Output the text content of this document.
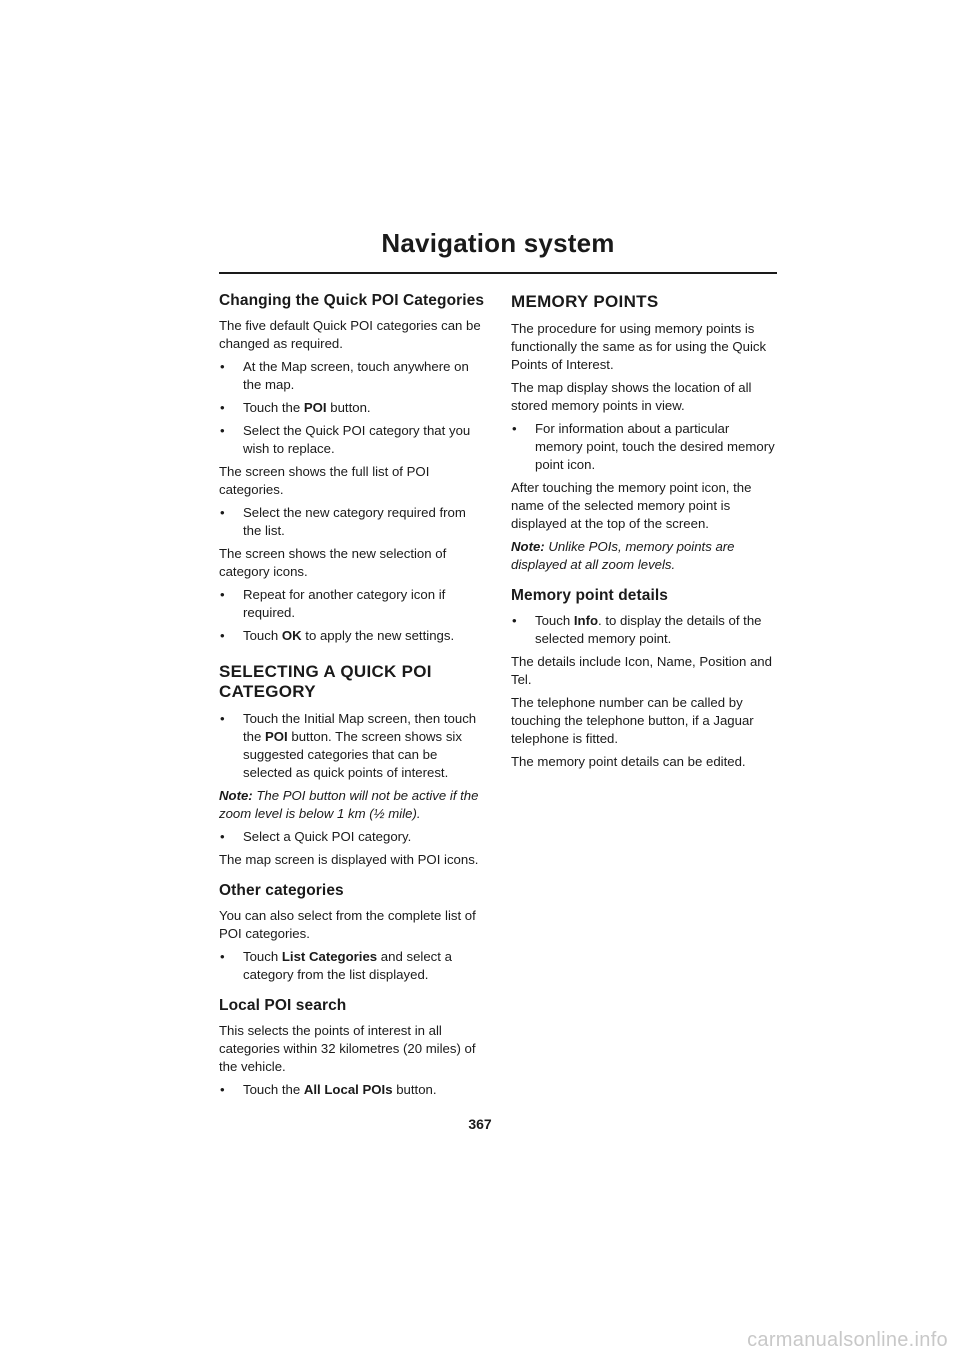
Navigation system
Changing the Quick POI Categories
The five default Quick POI categories can be changed as required.
• At the Map screen, touch anywhere on the map.
• Touch the POI button.
• Select the Quick POI category that you wish to replace.
The screen shows the full list of POI categories.
• Select the new category required from the list.
The screen shows the new selection of category icons.
• Repeat for another category icon if required.
• Touch OK to apply the new settings.
SELECTING A QUICK POI CATEGORY
• Touch the Initial Map screen, then touch the POI button. The screen shows six suggested categories that can be selected as quick points of interest.
Note: The POI button will not be active if the zoom level is below 1 km (½ mile).
• Select a Quick POI category.
The map screen is displayed with POI icons.
Other categories
You can also select from the complete list of POI categories.
• Touch List Categories and select a category from the list displayed.
Local POI search
This selects the points of interest in all categories within 32 kilometres (20 miles) of the vehicle.
• Touch the All Local POIs button.
MEMORY POINTS
The procedure for using memory points is functionally the same as for using the Quick Points of Interest.
The map display shows the location of all stored memory points in view.
• For information about a particular memory point, touch the desired memory point icon.
After touching the memory point icon, the name of the selected memory point is displayed at the top of the screen.
Note: Unlike POIs, memory points are displayed at all zoom levels.
Memory point details
• Touch Info. to display the details of the selected memory point.
The details include Icon, Name, Position and Tel.
The telephone number can be called by touching the telephone button, if a Jaguar telephone is fitted.
The memory point details can be edited.
367
carmanualsonline.info
